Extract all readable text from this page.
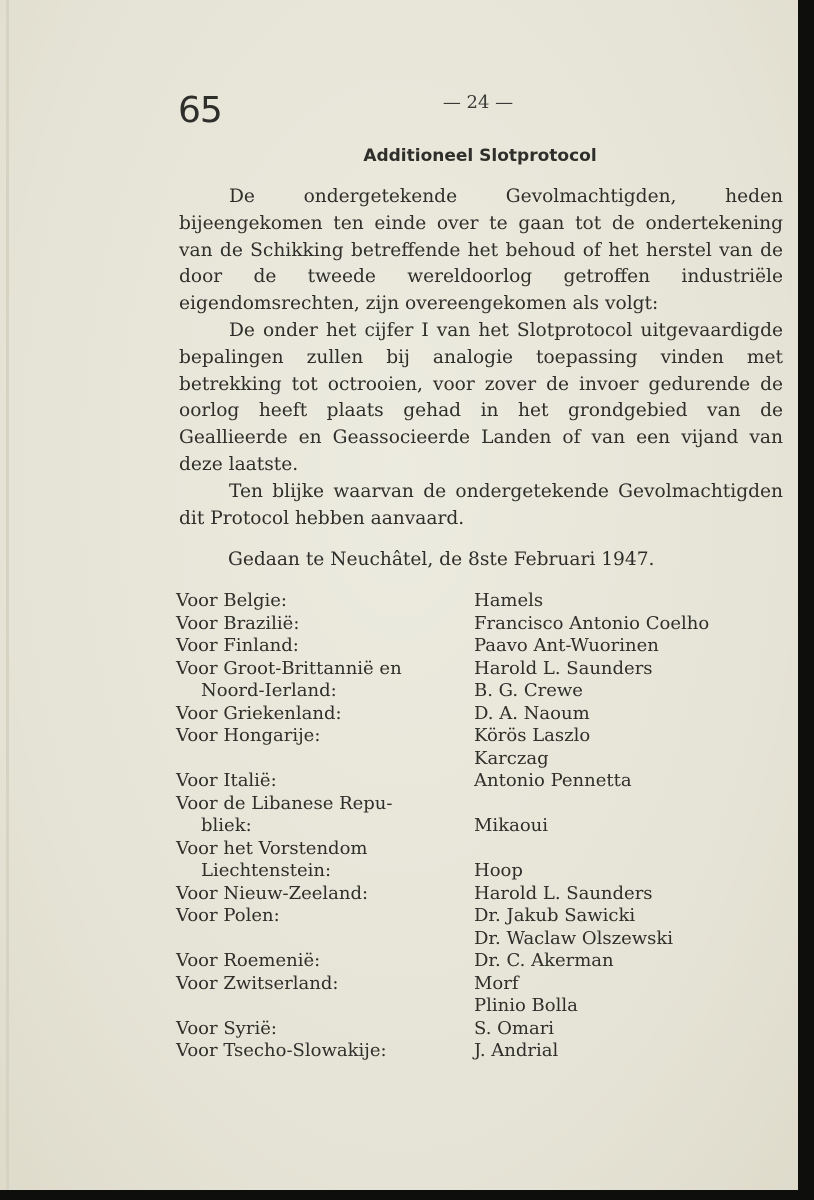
65	— 24 —
Additioneel Slotprotocol

De ondergetekende Gevolmachtigden, heden bijeengekomen ten einde over te gaan tot de ondertekening van de Schikking betreffende het behoud of het herstel van de door de tweede wereldoorlog getroffen industriële eigendomsrechten, zijn overeengekomen als volgt:

De onder het cijfer I van het Slotprotocol uitgevaardigde bepalingen zullen bij analogie toepassing vinden met betrekking tot octrooien, voor zover de invoer gedurende de oorlog heeft plaats gehad in het grondgebied van de Geallieerde en Geassocieerde Landen of van een vijand van deze laatste.

Ten blijke waarvan de ondergetekende Gevolmachtigden dit Protocol hebben aanvaard.

Gedaan te Neuchâtel, de 8ste Februari 1947.
Voor Belgie:	Hamels
Voor Brazilië:	Francisco Antonio Coelho
Voor Finland:	Paavo Ant-Wuorinen
Voor Groot-Brittannië en	Harold L. Saunders
Noord-Ierland:	B. G. Crewe
Voor Griekenland:	D. A. Naoum
Voor Hongarije:	Körös Laszlo
Karczag
Voor Italië:	Antonio Pennetta
Voor de Libanese Repu-

bliek:	Mikaoui
Voor het Vorstendom

Liechtenstein:	Hoop
Voor Nieuw-Zeeland:	Harold L. Saunders
Voor Polen:	Dr. Jakub Sawicki
Dr. Waclaw Olszewski
Voor Roemenië:	Dr. C. Akerman
Voor Zwitserland:	Morf
Plinio Bolla
Voor Syrië:	S. Omari
Voor Tsecho-Slowakije:	J. Andrial
